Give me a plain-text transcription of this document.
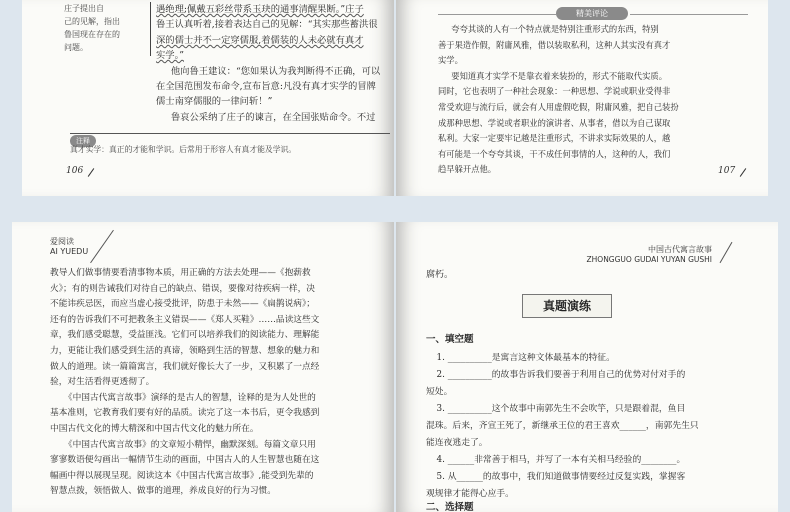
庄子提出自

己的见解，指出

鲁国现在存在的

问题。

遇绝理;佩戴五彩丝带系玉玦的通事清醒果断。”庄子

鲁王认真听着,接着表达自己的见解：“其实那些蓄洪很

深的儒士并不一定穿儒服,着儒装的人未必就有真才

实学。”

他向鲁王建议：“您如果认为我判断得不正确，可以

在全国范围发布命令,宣布旨意:凡没有真才实学的冒牌

儒士南穿儒服的一律问斩！”

鲁哀公采纳了庄子的谏言，在全国张贴命令。不过

注释
真才实学：真正的才能和学识。后常用于形容人有真才能及学识。
106
精美评论

夸夸其谈的人有一个特点就是特别注重形式的东西，特别

善于果造作假，附庸风雅，借以装取私利，这种人其实没有真才

实学。

要知道真才实学不是靠衣着来装扮的，形式不能取代实质。

同时，它也表明了一种社会现象：一种思想、学说或职业受得非

常受欢迎与流行后，就会有人用虚假吃假，附庸风雅，把自己装扮

成那种思想、学说或者职业的演讲者、从事者，借以为自己谋取

私利。大家一定要牢记越是注重形式，不讲求实际效果的人，越

有可能是一个夸夸其谈，干不成任何事情的人，这种的人，我们

趋早躲开点他。	107
爱阅读
AI YUEDU

教导人们做事情要看清事物本质，用正确的方法去处理——《抱薪救

火》；有的则告诫我们对待自己的缺点、错误，要像对待疾病一样，决

不能讳疾忌医，而应当虚心接受批评，防患于未然——《扁鹊说病》；

还有的告诉我们不可把教条主义错误——《郑人买鞋》……品读这些文

章，我们感受聪慧，受益匪浅。它们可以培养我们的阅读能力、理解能

力，更能让我们感受到生活的真谛，领略到生活的智慧、想象的魅力和

做人的道理。读一篇篇寓言，我们就好像长大了一步，又积累了一点经

验，对生活看得更透彻了。

《中国古代寓言故事》演绎的是古人的智慧，诠释的是为人处世的

基本准则，它教育我们要有好的品质。读完了这一本书后，更令我感到

中国古代文化的博大精深和中国古代文化的魅力所在。

《中国古代寓言故事》的文章短小精悍，幽默深刻。每篇文章只用

寥寥数语便勾画出一幅情节生动的画面，中国古人的人生智慧也随在这

幅画中得以展现呈现。阅读这本《中国古代寓言故事》,能受到先辈的

智慧点拨，领悟做人、做事的道理，养成良好的行为习惯。

中国古代寓言故事
ZHONGGUO GUDAI YUYAN GUSHI
腐朽。
真题演练
一、填空题

1. __________是寓言这种文体最基本的特征。

2. __________的故事告诉我们要善于利用自己的优势对付对手的

短处。

3. __________这个故事中南郭先生不会吹竽，只是跟着混，鱼目

混珠。后来，齐宣王死了，新继承王位的君王喜欢______，南郭先生只

能连夜逃走了。

4. ______非常善于相马，并写了一本有关相马经验的________。

5. 从______的故事中，我们知道做事情要经过反复实践，掌握客

观规律才能得心应手。

二、选择题
